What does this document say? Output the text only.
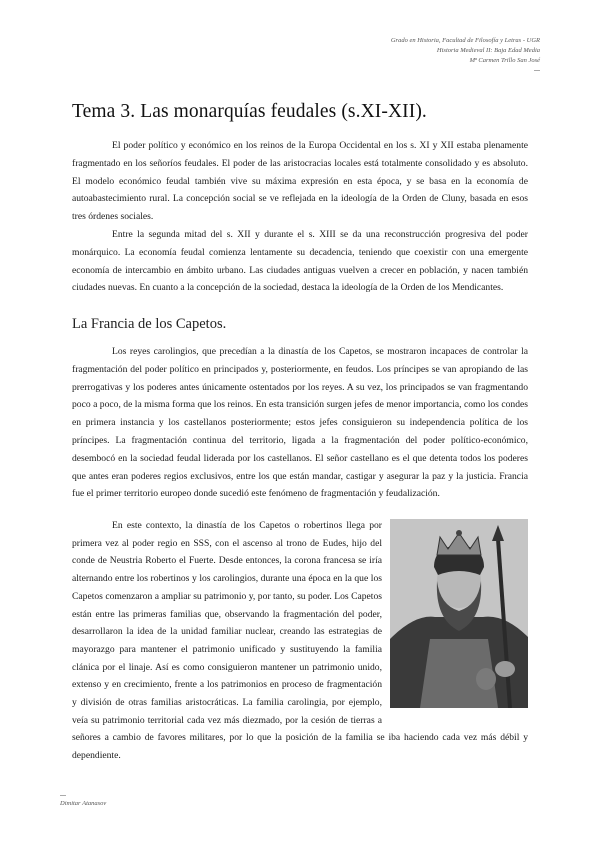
Grado en Historia, Facultad de Filosofía y Letras - UGR
Historia Medieval II: Baja Edad Media
Mª Carmen Trillo San José
Tema 3. Las monarquías feudales (s.XI-XII).

El poder político y económico en los reinos de la Europa Occidental en los s. XI y XII estaba plenamente fragmentado en los señoríos feudales. El poder de las aristocracias locales está totalmente consolidado y es absoluto. El modelo económico feudal también vive su máxima expresión en esta época, y se basa en la economía de autoabastecimiento rural. La concepción social se ve reflejada en la ideología de la Orden de Cluny, basada en esos tres órdenes sociales.

Entre la segunda mitad del s. XII y durante el s. XIII se da una reconstrucción progresiva del poder monárquico. La economía feudal comienza lentamente su decadencia, teniendo que coexistir con una emergente economía de intercambio en ámbito urbano. Las ciudades antiguas vuelven a crecer en población, y nacen también ciudades nuevas. En cuanto a la concepción de la sociedad, destaca la ideología de la Orden de los Mendicantes.

La Francia de los Capetos.

Los reyes carolingios, que precedían a la dinastía de los Capetos, se mostraron incapaces de controlar la fragmentación del poder político en principados y, posteriormente, en feudos. Los príncipes se van apropiando de las prerrogativas y los poderes antes únicamente ostentados por los reyes. A su vez, los principados se van fragmentando poco a poco, de la misma forma que los reinos. En esta transición surgen jefes de menor importancia, como los condes en primera instancia y los castellanos posteriormente; estos jefes consiguieron su independencia política de los príncipes. La fragmentación continua del territorio, ligada a la fragmentación del poder político-económico, desembocó en la sociedad feudal liderada por los castellanos. El señor castellano es el que detenta todos los poderes que antes eran poderes regios exclusivos, entre los que están mandar, castigar y asegurar la paz y la justicia. Francia fue el primer territorio europeo donde sucedió este fenómeno de fragmentación y feudalización.

En este contexto, la dinastía de los Capetos o robertinos llega por primera vez al poder regio en SSS, con el ascenso al trono de Eudes, hijo del conde de Neustria Roberto el Fuerte. Desde entonces, la corona francesa se iría alternando entre los robertinos y los carolingios, durante una época en la que los Capetos comenzaron a ampliar su patrimonio y, por tanto, su poder. Los Capetos están entre las primeras familias que, observando la fragmentación del poder, desarrollaron la idea de la unidad familiar nuclear, creando las estrategias de mayorazgo para mantener el patrimonio unificado y sustituyendo la familia clánica por el linaje. Así es como consiguieron mantener un patrimonio unido, extenso y en crecimiento, frente a los patrimonios en proceso de fragmentación y división de otras familias aristocráticas. La familia carolingia, por ejemplo, veía su patrimonio territorial cada vez más diezmado, por la cesión de tierras a señores a cambio de favores militares, por lo que la posición de la familia se iba haciendo cada vez más débil y dependiente.
Dimitar Atanasov
